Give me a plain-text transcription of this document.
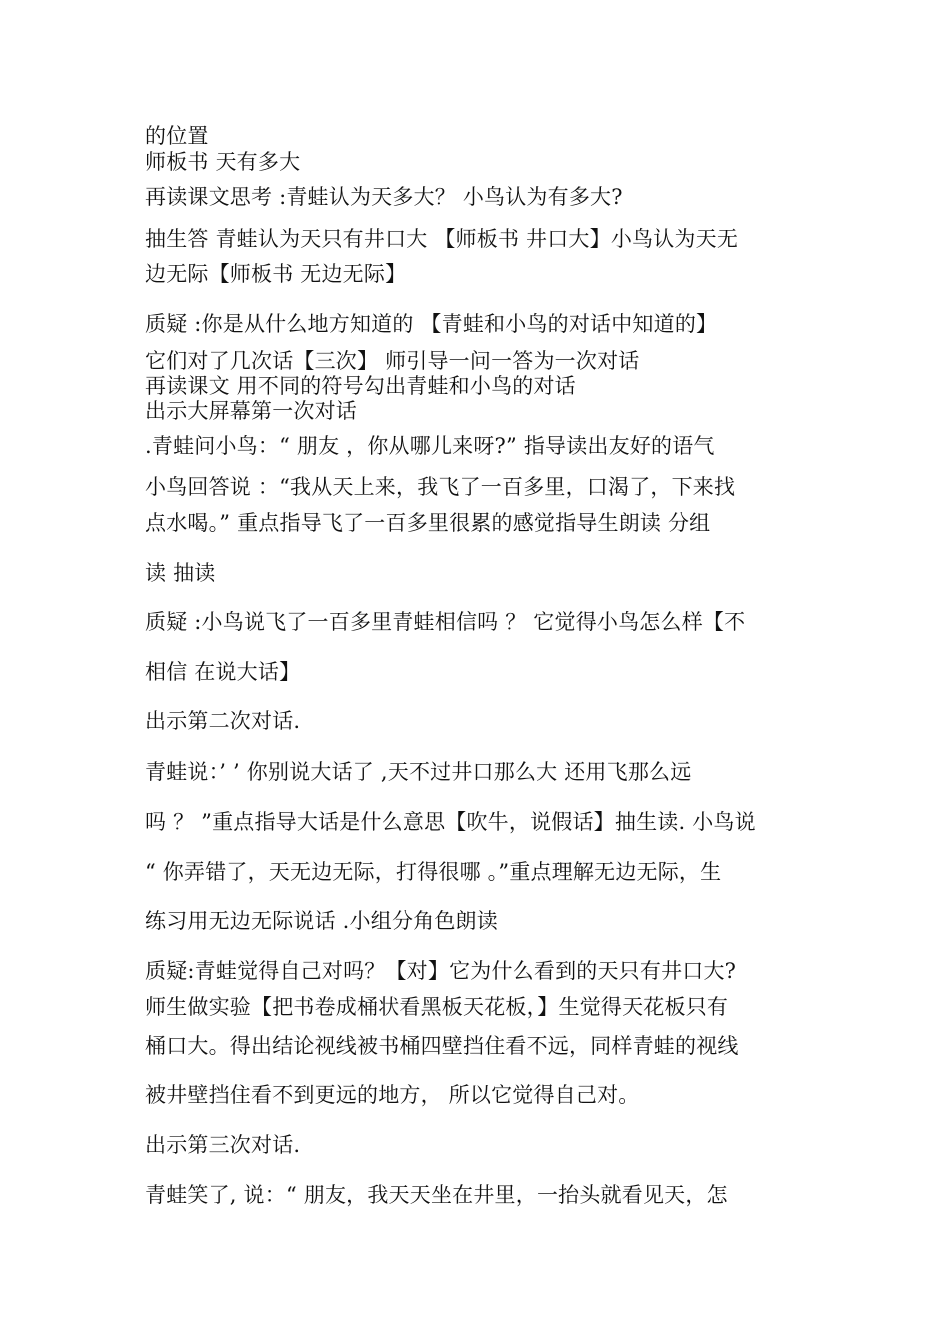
的位置
师板书 天有多大
再读课文思考 :青蛙认为天多大？ 小鸟认为有多大?
抽生答 青蛙认为天只有井口大 【师板书 井口大】小鸟认为天无
边无际【师板书 无边无际】
质疑 :你是从什么地方知道的 【青蛙和小鸟的对话中知道的】
它们对了几次话【三次】 师引导一问一答为一次对话
再读课文 用不同的符号勾出青蛙和小鸟的对话
出示大屏幕第一次对话
.青蛙问小鸟：“ 朋友 ，你从哪儿来呀?” 指导读出友好的语气
小鸟回答说 ：“我从天上来，我飞了一百多里，口渴了，下来找
点水喝。” 重点指导飞了一百多里很累的感觉指导生朗读 分组
读 抽读
质疑 :小鸟说飞了一百多里青蛙相信吗 ？ 它觉得小鸟怎么样【不
相信 在说大话】
出示第二次对话.
青蛙说：’ ’ 你别说大话了 ,天不过井口那么大 还用飞那么远
吗 ？ ”重点指导大话是什么意思【吹牛，说假话】抽生读. 小鸟说
“ 你弄错了，天无边无际，打得很哪 。”重点理解无边无际，生
练习用无边无际说话 .小组分角色朗读
质疑:青蛙觉得自己对吗？【对】它为什么看到的天只有井口大?
师生做实验【把书卷成桶状看黑板天花板，】生觉得天花板只有
桶口大。得出结论视线被书桶四壁挡住看不远，同样青蛙的视线
被井壁挡住看不到更远的地方， 所以它觉得自己对。
出示第三次对话.
青蛙笑了, 说：“ 朋友，我天天坐在井里，一抬头就看见天，怎
